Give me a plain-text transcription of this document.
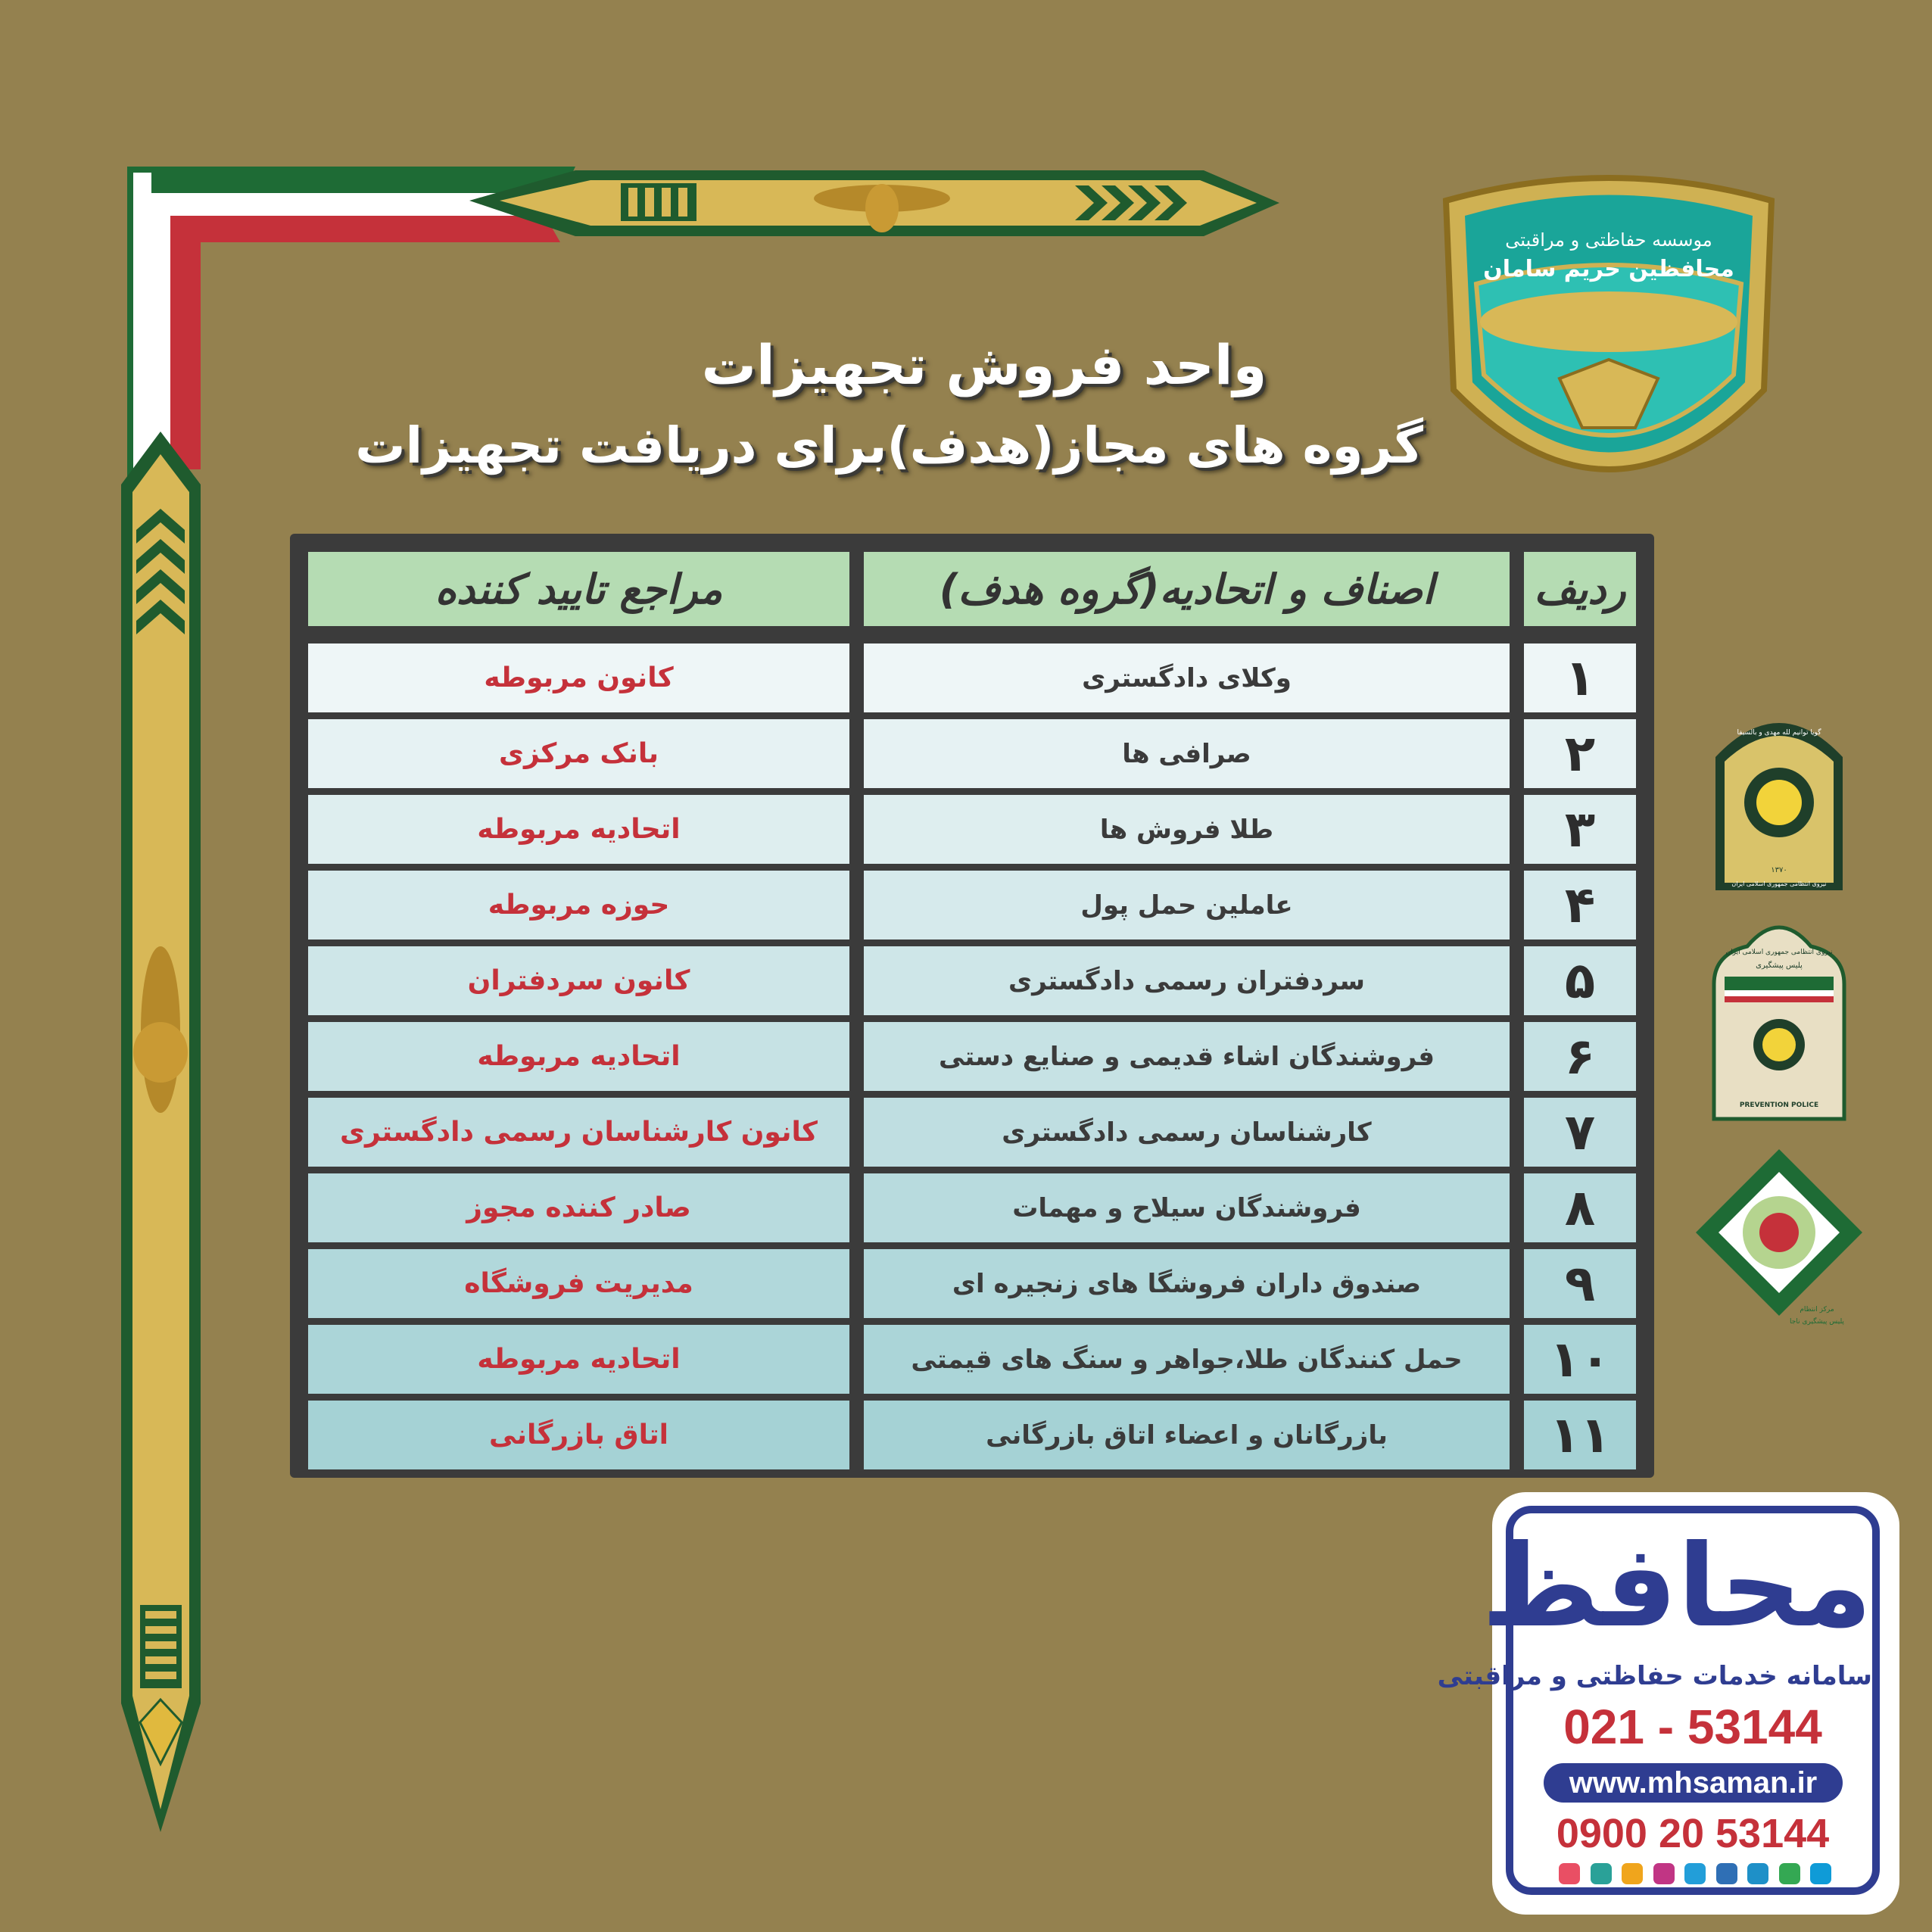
موسسه حفاظتی و مراقبتی
محافظین حریم سامان
واحد فروش تجهیزات
گروه های مجاز(هدف)برای دریافت تجهیزات
ردیف
اصناف و اتحادیه(گروه هدف)
مراجع تایید کننده
۱
وکلای دادگستری
کانون مربوطه
۲
صرافی ها
بانک مرکزی
۳
طلا فروش ها
اتحادیه مربوطه
۴
عاملین حمل پول
حوزه مربوطه
۵
سردفتران رسمی دادگستری
کانون سردفتران
۶
فروشندگان اشاء قدیمی و صنایع دستی
اتحادیه مربوطه
۷
کارشناسان رسمی دادگستری
کانون کارشناسان رسمی دادگستری
۸
فروشندگان سیلاح و مهمات
صادر کننده مجوز
۹
صندوق داران فروشگا های زنجیره ای
مدیریت فروشگاه
۱۰
حمل کنندگان طلا،جواهر و سنگ های قیمتی
اتحادیه مربوطه
۱۱
بازرگانان و اعضاء اتاق بازرگانی
اتاق بازرگانی
گویا توانیم لله مهدی و بالسیفا
۱۳۷۰
نیروی انتظامی جمهوری اسلامی ایران
نیروی انتظامی جمهوری اسلامی ایران
پلیس پیشگیری
PREVENTION POLICE
مرکز انتظام
پلیس پیشگیری ناجا
محافظ
سامانه خدمات حفاظتی و مراقبتی
021 - 53144
www.mhsaman.ir
0900 20 53144
